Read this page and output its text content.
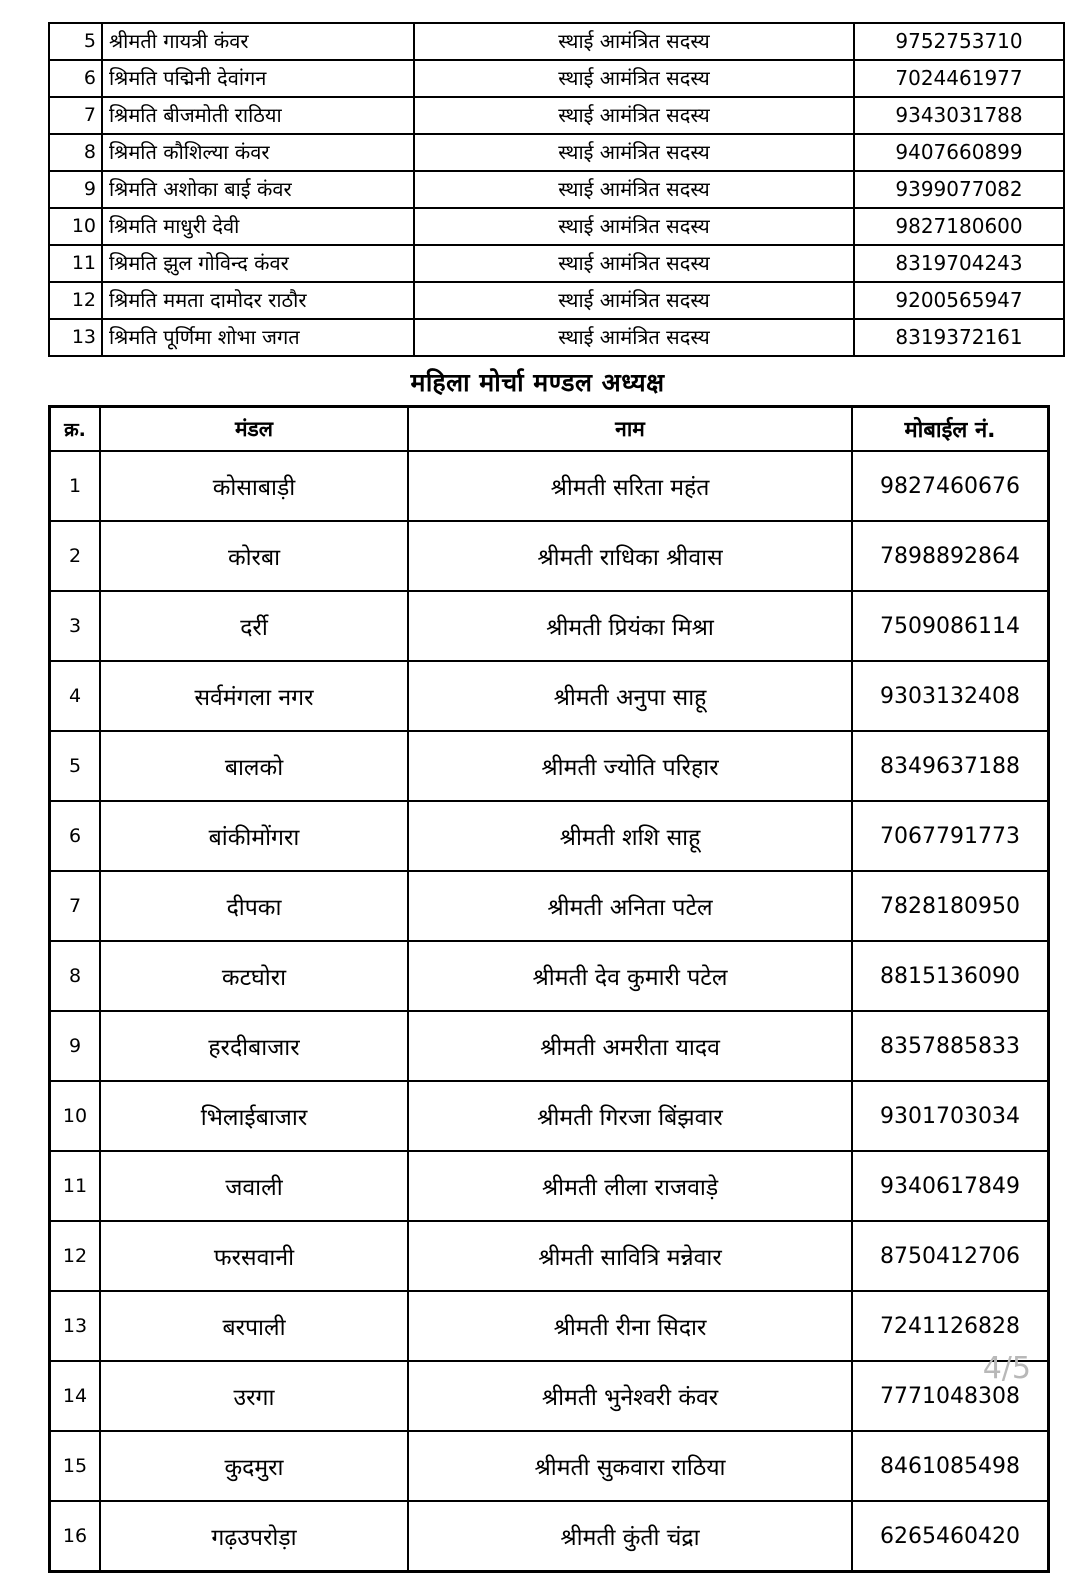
5	श्रीमती गायत्री कंवर	स्थाई आमंत्रित सदस्य	9752753710
6	श्रिमति पद्मिनी देवांगन	स्थाई आमंत्रित सदस्य	7024461977
7	श्रिमति बीजमोती राठिया	स्थाई आमंत्रित सदस्य	9343031788
8	श्रिमति कौशिल्या कंवर	स्थाई आमंत्रित सदस्य	9407660899
9	श्रिमति अशोका बाई कंवर	स्थाई आमंत्रित सदस्य	9399077082
10	श्रिमति माधुरी देवी	स्थाई आमंत्रित सदस्य	9827180600
11	श्रिमति झुल गोविन्द कंवर	स्थाई आमंत्रित सदस्य	8319704243
12	श्रिमति ममता दामोदर राठौर	स्थाई आमंत्रित सदस्य	9200565947
13	श्रिमति पूर्णिमा शोभा जगत	स्थाई आमंत्रित सदस्य	8319372161
महिला मोर्चा मण्डल अध्यक्ष
क्र.	मंडल	नाम	मोबाईल नं.
1	कोसाबाड़ी	श्रीमती सरिता महंत	9827460676
2	कोरबा	श्रीमती राधिका श्रीवास	7898892864
3	दर्री	श्रीमती प्रियंका मिश्रा	7509086114
4	सर्वमंगला नगर	श्रीमती अनुपा साहू	9303132408
5	बालको	श्रीमती ज्योति परिहार	8349637188
6	बांकीमोंगरा	श्रीमती शशि साहू	7067791773
7	दीपका	श्रीमती अनिता पटेल	7828180950
8	कटघोरा	श्रीमती देव कुमारी पटेल	8815136090
9	हरदीबाजार	श्रीमती अमरीता यादव	8357885833
10	भिलाईबाजार	श्रीमती गिरजा बिंझवार	9301703034
11	जवाली	श्रीमती लीला राजवाड़े	9340617849
12	फरसवानी	श्रीमती सावित्रि मन्नेवार	8750412706
13	बरपाली	श्रीमती रीना सिदार	7241126828
14	उरगा	श्रीमती भुनेश्वरी कंवर	7771048308
15	कुदमुरा	श्रीमती सुकवारा राठिया	8461085498
16	गढ़उपरोड़ा	श्रीमती कुंती चंद्रा	6265460420
4/5
